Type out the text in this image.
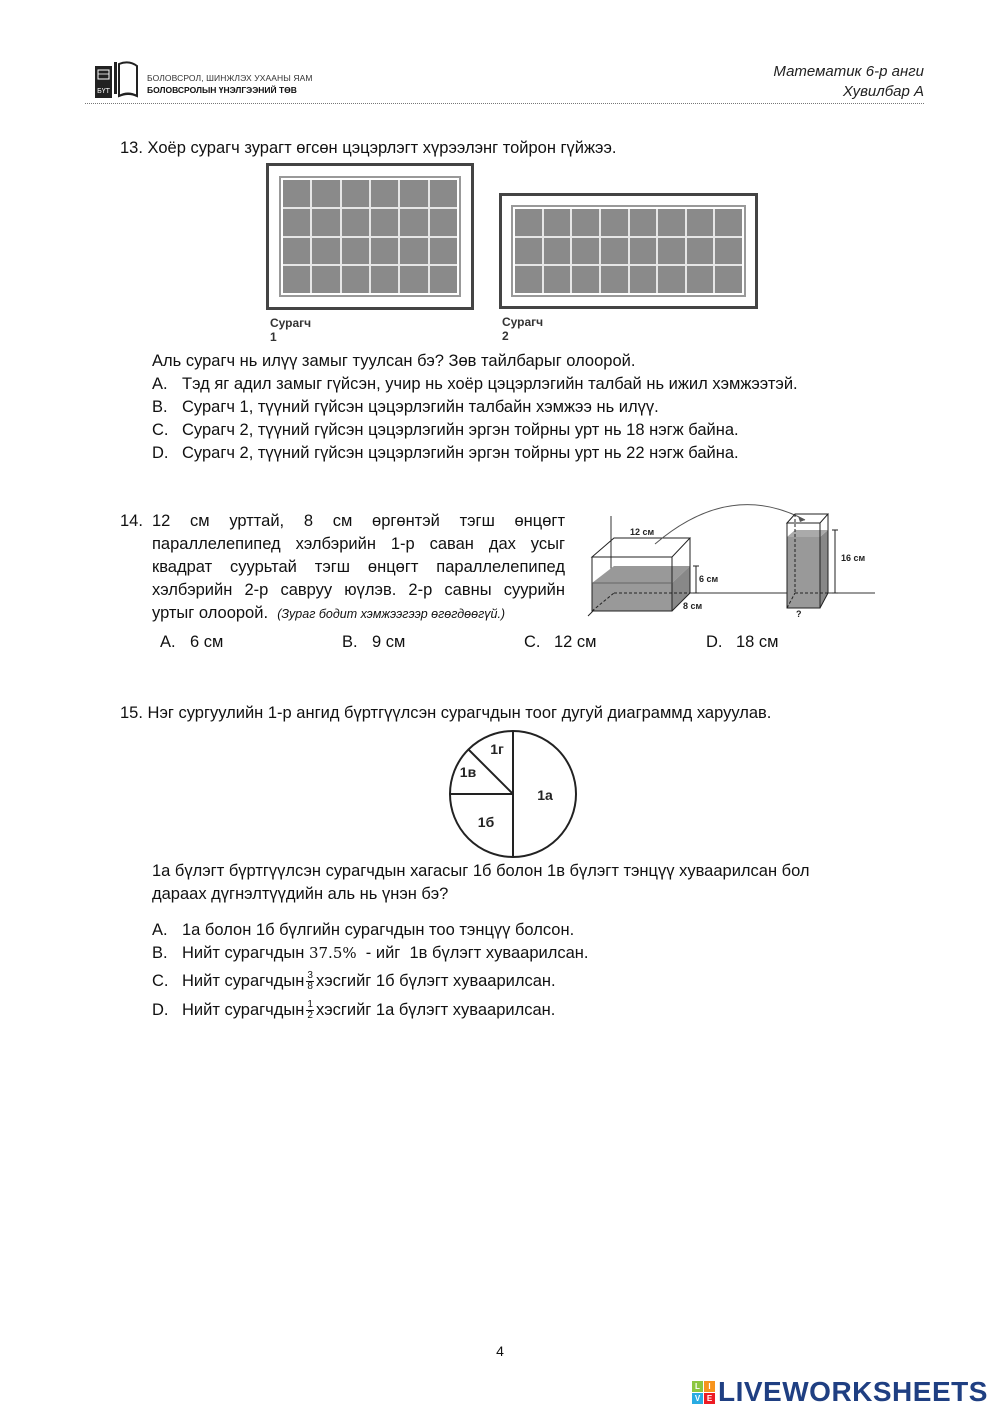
БҮТ
БОЛОВСРОЛ, ШИНЖЛЭХ УХААНЫ ЯАМ
БОЛОВСРОЛЫН ҮНЭЛГЭЭНИЙ ТӨВ
Математик 6-р анги
Хувилбар А
13. Хоёр сурагч зурагт өгсөн цэцэрлэгт хүрээлэнг тойрон гүйжээ.
Сурагч 1
Сурагч 2
Аль сурагч нь илүү замыг туулсан бэ? Зөв тайлбарыг олоорой.
A. Тэд яг адил замыг гүйсэн, учир нь хоёр цэцэрлэгийн талбай нь ижил хэмжээтэй.
B. Сурагч 1, түүний гүйсэн цэцэрлэгийн талбайн хэмжээ нь илүү.
C. Сурагч 2, түүний гүйсэн цэцэрлэгийн эргэн тойрны урт нь 18 нэгж байна.
D. Сурагч 2, түүний гүйсэн цэцэрлэгийн эргэн тойрны урт нь 22 нэгж байна.
14. 12 см урттай, 8 см өргөнтэй тэгш өнцөгт
параллелепипед хэлбэрийн 1-р саван дах усыг
квадрат суурьтай тэгш өнцөгт параллелепипед
хэлбэрийн 2-р савруу юүлэв. 2-р савны суурийн
уртыг олоорой. (Зураг бодит хэмжээгээр өгөгдөөгүй.)
12 см
6 см
8 см
16 см
?
A. 6 см	B. 9 см	C. 12 см	D. 18 см
15. Нэг сургуулийн 1-р ангид бүртгүүлсэн сурагчдын тоог дугуй диаграммд харуулав.
1а
1б
1в
1г
1а бүлэгт бүртгүүлсэн сурагчдын хагасыг 1б болон 1в бүлэгт тэнцүү хуваарилсан бол
дараах дүгнэлтүүдийн аль нь үнэн бэ?
A. 1а болон 1б бүлгийн сурагчдын тоо тэнцүү болсон.
B. Нийт сурагчдын 37.5%  - ийг  1в бүлэгт хуваарилсан.
C. Нийт сурагчдын $\frac{3}{8}$ хэсгийг 1б бүлэгт хуваарилсан.
D. Нийт сурагчдын $\frac{1}{2}$ хэсгийг 1а бүлэгт хуваарилсан.
4
L	I
V E LIVEWORKSHEETS
